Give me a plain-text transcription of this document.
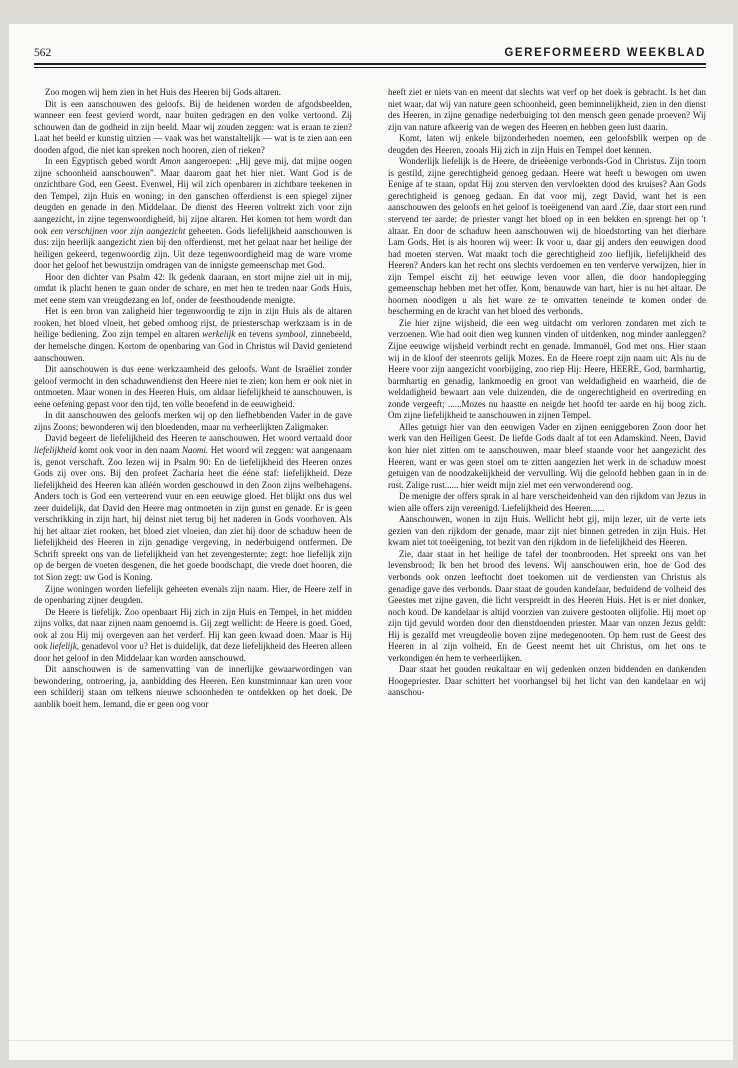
562	GEREFORMEERD WEEKBLAD

Zoo mogen wij hem zien in het Huis des Heeren bij Gods altaren.

Dit is een aanschouwen des geloofs. Bij de heidenen worden de afgodsbeelden, wanneer een feest gevierd wordt, naar buiten gedragen en den volke vertoond. Zij schouwen dan de godheid in zijn beeld. Maar wij zouden zeggen: wat is eraan te zien? Laat het beeld er kunstig uitzien — vaak was het wanstaltelijk — wat is te zien aan een dooden afgod, die niet kan spreken noch hooren, zien of rieken?

In een Egyptisch gebed wordt Amon aangeroepen: „Hij geve mij, dat mijne oogen zijne schoonheid aanschouwen”. Maar daarom gaat het hier niet. Want God is de onzichtbare God, een Geest. Evenwel, Hij wil zich openbaren in zichtbare teekenen in den Tempel, zijn Huis en woning; in den ganschen offerdienst is een spiegel zijner deugden en genade in den Middelaar. De dienst des Heeren voltrekt zich voor zijn aangezicht, in zijne tegenwoordigheid, bij zijne altaren. Het komen tot hem wordt dan ook een verschijnen voor zijn aangezicht geheeten. Gods liefelijkheid aanschouwen is dus: zijn heerlijk aangezicht zien bij den offerdienst, met het gelaat naar het heilige der heiligen gekeerd, tegenwoordig zijn. Uit deze tegenwoordigheid mag de ware vrome door het geloof het bewustzijn omdragen van de innigste gemeenschap met God.

Hoor den dichter van Psalm 42: Ik gedenk daaraan, en stort mijne ziel uit in mij, omdat ik placht henen te gaan onder de schare, en met hen te treden naar Gods Huis, met eene stem van vreugdezang en lof, onder de feesthoudende menigte.

Het is een bron van zaligheid hier tegenwoordig te zijn in zijn Huis als de altaren rooken, het bloed vloeit, het gebed omhoog rijst, de priesterschap werkzaam is in de heilige bediening. Zoo zijn tempel en altaren werkelijk en tevens symbool, zinnebeeld, der hemelsche dingen. Kortom de openbaring van God in Christus wil David genietend aanschouwen.

Dit aanschouwen is dus eene werkzaamheid des geloofs. Want de Israëliet zonder geloof vermocht in den schaduwendienst den Heere niet te zien; kon hem er ook niet in ontmoeten. Maar wonen in des Heeren Huis, om aldaar liefelijkheid te aanschouwen, is eene oefening gepast voor den tijd, ten volle beoefend in de eeuwigheid.

In dit aanschouwen des geloofs merken wij op den liefhebbenden Vader in de gave zijns Zoons; bewonderen wij den bloedenden, maar nu verheerlijkten Zaligmaker.

David begeert de liefelijkheid des Heeren te aanschouwen. Het woord vertaald door liefelijkheid komt ook voor in den naam Naomi. Het woord wil zeggen: wat aangenaam is, genot verschaft. Zoo lezen wij in Psalm 90: En de liefelijkheid des Heeren onzes Gods zij over ons. Bij den profeet Zacharia heet die ééne staf: liefelijkheid. Deze liefelijkheid des Heeren kan alléén worden geschouwd in den Zoon zijns welbehagens. Anders toch is God een verteerend vuur en een eeuwige gloed. Het blijkt ons dus wel zeer duidelijk, dat David den Heere mag ontmoeten in zijn gunst en genade. Er is geen verschrikking in zijn hart, hij deinst niet terug bij het naderen in Gods voorhoven. Als hij het altaar ziet rooken, het bloed ziet vloeien, dan ziet hij door de schaduw heen de liefelijkheid des Heeren in zijn genadige vergeving, in nederbuigend ontfermen. De Schrift spreekt ons van de liefelijkheid van het zevengesternte; zegt: hoe liefelijk zijn op de bergen de voeten desgenen, die het goede boodschapt, die vrede doet hooren, die tot Sion zegt: uw God is Koning.

Zijne woningen worden liefelijk geheeten evenals zijn naam. Hier, de Heere zelf in de openbaring zijner deugden.

De Heere is liefelijk. Zoo openbaart Hij zich in zijn Huis en Tempel, in het midden zijns volks, dat naar zijnen naam genoemd is. Gij zegt wellicht: de Heere is goed. Goed, ook al zou Hij mij overgeven aan het verderf. Hij kan geen kwaad doen. Maar is Hij ook liefelijk, genadevol voor u? Het is duidelijk, dat deze liefelijkheid des Heeren alleen door het geloof in den Middelaar kan worden aanschouwd.

Dit aanschouwen is de samenvatting van de innerlijke gewaarwordingen van bewondering, ontroering, ja, aanbidding des Heeren. Een kunstminnaar kan uren voor een schilderij staan om telkens nieuwe schoonheden te ontdekken op het doek. De aanblik boeit hem. Iemand, die er geen oog voor

heeft ziet er niets van en meent dat slechts wat verf op het doek is gebracht. Is het dan niet waar, dat wij van nature geen schoonheid, geen beminnelijkheid, zien in den dienst des Heeren, in zijne genadige nederbuiging tot den mensch geen genade proeven? Wij zijn van nature afkeerig van de wegen des Heeren en hebben geen lust daarin.

Komt, laten wij enkele bijzonderheden noemen, een geloofsblik werpen op de deugden des Heeren, zooals Hij zich in zijn Huis en Tempel doet kennen.

Wonderlijk liefelijk is de Heere, de drieëenige verbonds-God in Christus. Zijn toorn is gestild, zijne gerechtigheid genoeg gedaan. Heere wat heeft u bewogen om uwen Eenige af te staan, opdat Hij zou sterven den vervloekten dood des kruises? Aan Gods gerechtigheid is genoeg gedaan. En dat voor mij, zegt David, want het is een aanschouwen des geloofs en het geloof is toeëigenend van aard .Zie, daar stort een rund stervend ter aarde; de priester vangt het bloed op in een bekken en sprengt het op 't altaar. En door de schaduw heen aanschouwen wij de bloedstorting van het dierbare Lam Gods. Het is als hooren wij weer: Ik voor u, daar gij anders den eeuwigen dood had moeten sterven. Wat maakt toch die gerechtigheid zoo liefljik, liefelijkheid des Heeren? Anders kan het recht ons slechts verdoemen en ten verderve verwijzen, hier in zijn Tempel eischt zij het eeuwige leven voor allen, die door handoplegging gemeenschap hebben met het offer. Kom, benauwde van hart, hier is nu het altaar. De hoornen noodigen u als het ware ze te omvatten teneinde te komen onder de bescherming en de kracht van het bloed des verbonds.

Zie hier zijne wijsheid, die een weg uitdacht om verloren zondaren met zich te verzoenen. Wie had ooit dien weg kunnen vinden of uitdenken, nog minder aanleggen? Zijne eeuwige wijsheid verbindt recht en genade. Immanuël, God met ons. Hier staan wij in de kloof der steenrots gelijk Mozes. En de Heere roept zijn naam uit: Als nu de Heere voor zijn aangezicht voorbijging, zoo riep Hij: Heere, HEERE, God, barmhartig, barmhartig en genadig, lankmoedig en groot van weldadigheid en waarheid, die de weldadigheid bewaart aan vele duizenden, die de ongerechtigheid en overtreding en zonde vergeeft; ......Mozes nu haastte en neigde het hoofd ter aarde en hij boog zich. Om zijne liefelijkheid te aanschouwen in zijnen Tempel.

Alles getuigt hier van den eeuwigen Vader en zijnen eeniggeboren Zoon door het werk van den Heiligen Geest. De liefde Gods daalt af tot een Adamskind. Neen, David kon hier niet zitten om te aanschouwen, maar bleef staande voor het aangezicht des Heeren, want er was geen stoel om te zitten aangezien het werk in de schaduw moest getuigen van de noodzakelijkheid der vervulling. Wij die geloofd hebben gaan in in de rust. Zalige rust...... hier weidt mijn ziel met een verwonderend oog.

De menigte der offers sprak in al hare verscheidenheid van den rijkdom van Jezus in wien alle offers zijn vereenigd. Liefelijkheid des Heeren......

Aanschouwen, wonen in zijn Huis. Wellicht hebt gij, mijn lezer, uit de verte iets gezien van den rijkdom der genade, maar zijt niet binnen getreden in zijn Huis. Het kwam niet tot toeëigening, tot bezit van den rijkdom in de liefelijkheid des Heeren.

Zie, daar staat in het heilige de tafel der toonbrooden. Het spreekt ons van het levensbrood; Ik ben het brood des levens. Wij aanschouwen erin, hoe de God des verbonds ook onzen leeftocht doet toekomen uit de verdiensten van Christus als genadige gave des verbonds. Daar staat de gouden kandelaar, beduidend de volheid des Geestes met zijne gaven, die licht verspreidt in des Heeren Huis. Het is er niet donker, noch koud. De kandelaar is altijd voorzien van zuivere gestooten olijfolie. Hij moet op zijn tijd gevuld worden door den dienstdoenden priester. Maar van onzen Jezus geldt: Hij is gezalfd met vreugdeolie boven zijne medegenooten. Op hem rust de Geest des Heeren in al zijn volheid. En de Geest neemt het uit Christus, om het ons te verkondigen én hem te verheerlijken.

Daar staat het gouden reukaltaar en wij gedenken onzen biddenden en dankenden Hoogepriester. Daar schittert het voorhangsel bij het licht van den kandelaar en wij aanschou-
